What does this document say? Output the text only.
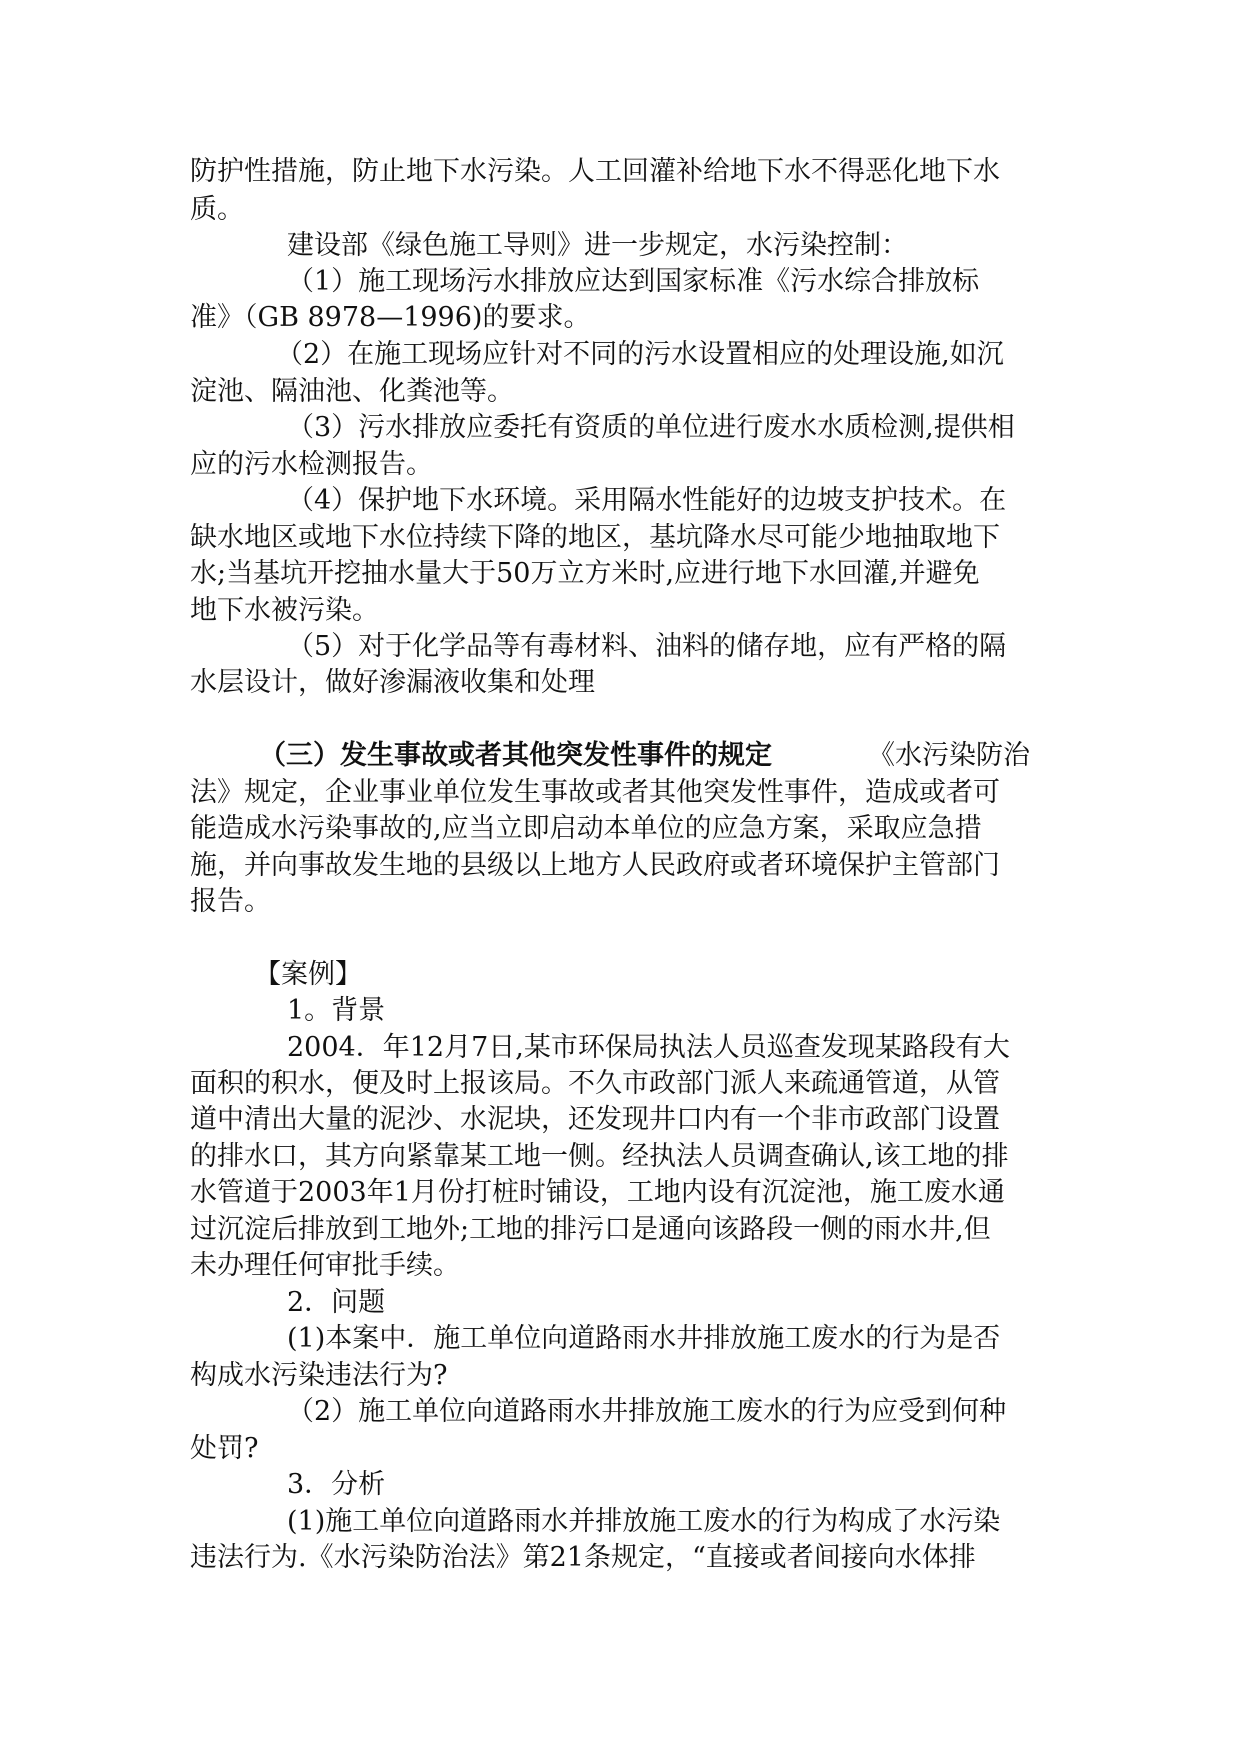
防护性措施，防止地下水污染。人工回灌补给地下水不得恶化地下水
质。
建设部《绿色施工导则》进一步规定，水污染控制：
（1）施工现场污水排放应达到国家标准《污水综合排放标
准》（GB 8978—1996)的要求。
（2）在施工现场应针对不同的污水设置相应的处理设施,如沉
淀池、隔油池、化粪池等。
（3）污水排放应委托有资质的单位进行废水水质检测,提供相
应的污水检测报告。
（4）保护地下水环境。采用隔水性能好的边坡支护技术。在
缺水地区或地下水位持续下降的地区，基坑降水尽可能少地抽取地下
水;当基坑开挖抽水量大于50万立方米时,应进行地下水回灌,并避免
地下水被污染。
（5）对于化学品等有毒材料、油料的储存地，应有严格的隔
水层设计，做好渗漏液收集和处理
（三）发生事故或者其他突发性事件的规定	《水污染防治
法》规定，企业事业单位发生事故或者其他突发性事件，造成或者可
能造成水污染事故的,应当立即启动本单位的应急方案，采取应急措
施，并向事故发生地的县级以上地方人民政府或者环境保护主管部门
报告。
【案例】
1。背景
2004．年12月7日,某市环保局执法人员巡查发现某路段有大
面积的积水，便及时上报该局。不久市政部门派人来疏通管道，从管
道中清出大量的泥沙、水泥块，还发现井口内有一个非市政部门设置
的排水口，其方向紧靠某工地一侧。经执法人员调查确认,该工地的排
水管道于2003年1月份打桩时铺设，工地内设有沉淀池，施工废水通
过沉淀后排放到工地外;工地的排污口是通向该路段一侧的雨水井,但
未办理任何审批手续。
2．问题
(1)本案中．施工单位向道路雨水井排放施工废水的行为是否
构成水污染违法行为?
（2）施工单位向道路雨水井排放施工废水的行为应受到何种
处罚?
3．分析
(1)施工单位向道路雨水并排放施工废水的行为构成了水污染
违法行为.《水污染防治法》第21条规定，“直接或者间接向水体排
